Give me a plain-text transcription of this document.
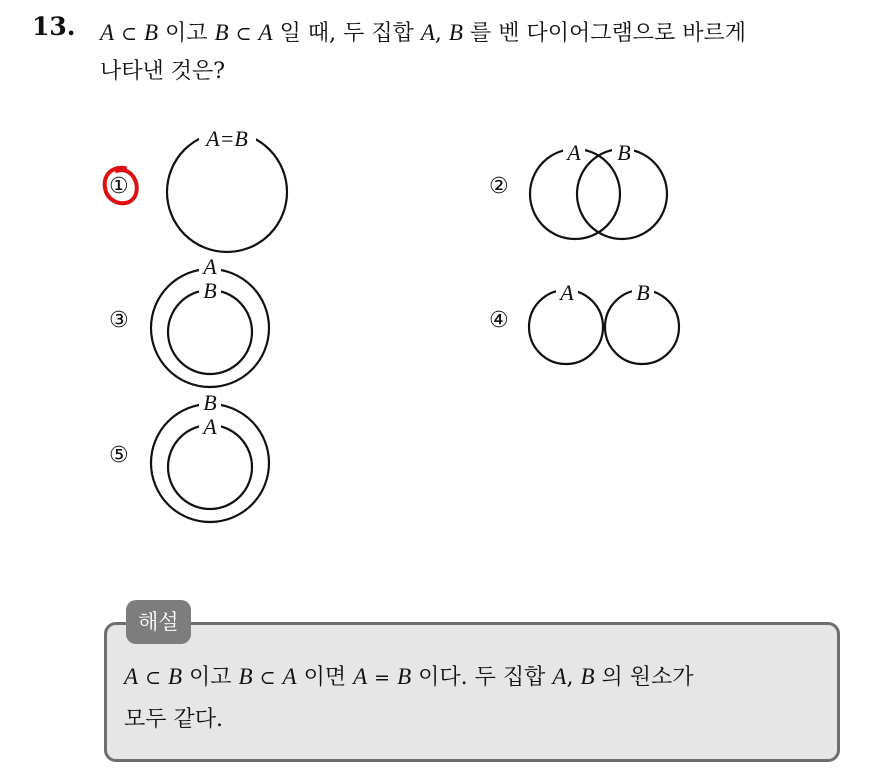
13. A ⊂ B 이고 B ⊂ A 일 때, 두 집합 A, B 를 벤 다이어그램으로 바르게
나타낸 것은?
①	②
③	④
⑤
A=B
A B
A
B	A	B
B
A
해설
A ⊂ B 이고 B ⊂ A 이면 A = B 이다. 두 집합 A, B 의 원소가
모두 같다.
